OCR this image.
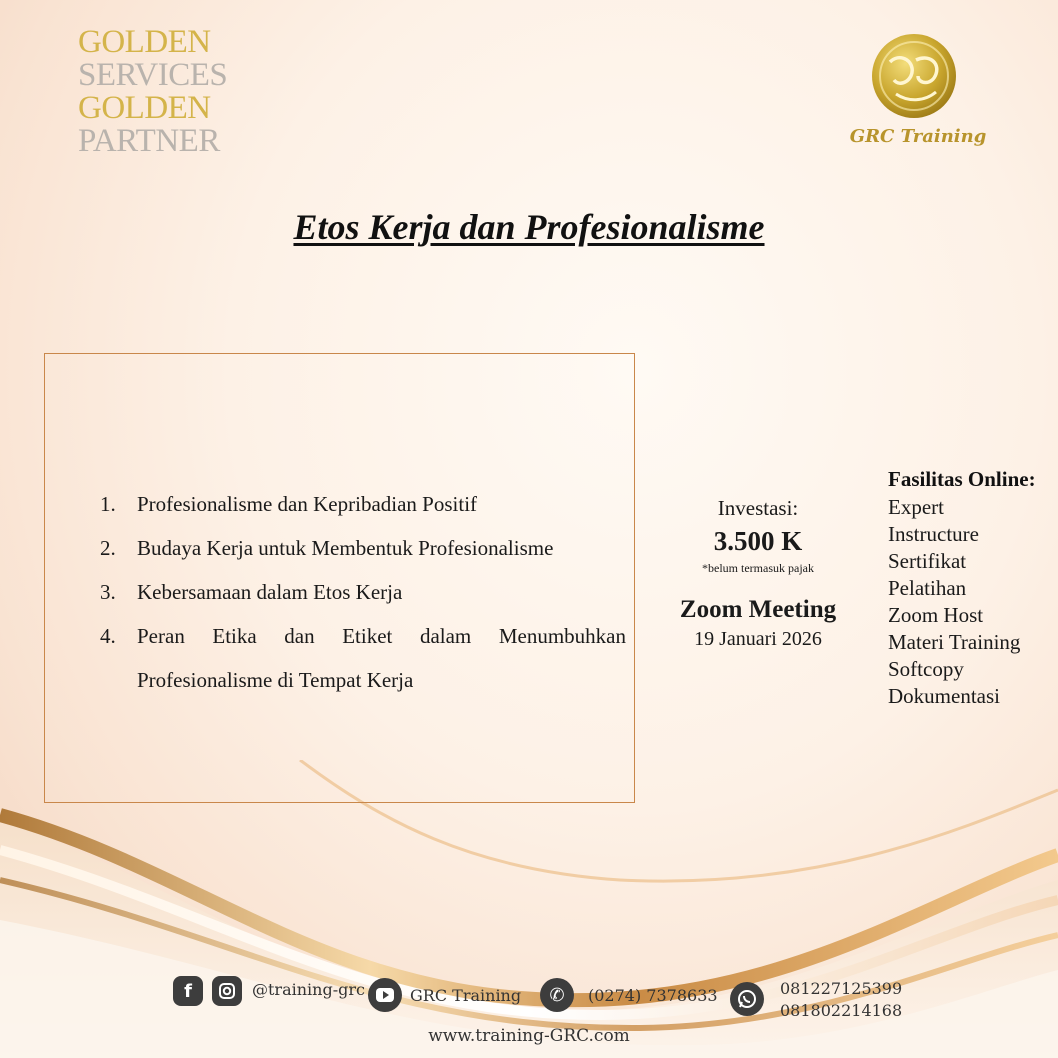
GOLDEN
SERVICES
GOLDEN
PARTNER	GRC Training
Etos Kerja dan Profesionalisme
1.	Profesionalisme dan Kepribadian Positif
2.	Budaya Kerja untuk Membentuk Profesionalisme
3.	Kebersamaan dalam Etos Kerja
4.	Peran Etika dan Etiket dalam Menumbuhkan Profesionalisme di Tempat Kerja
Investasi:
3.500 K
*belum termasuk pajak
Zoom Meeting
19 Januari 2026
Fasilitas Online:
Expert
Instructure
Sertifikat
Pelatihan
Zoom Host
Materi Training
Softcopy
Dokumentasi
f	@training-grc	GRC Training	✆	(0274) 7378633	081227125399
081802214168
www.training-GRC.com
